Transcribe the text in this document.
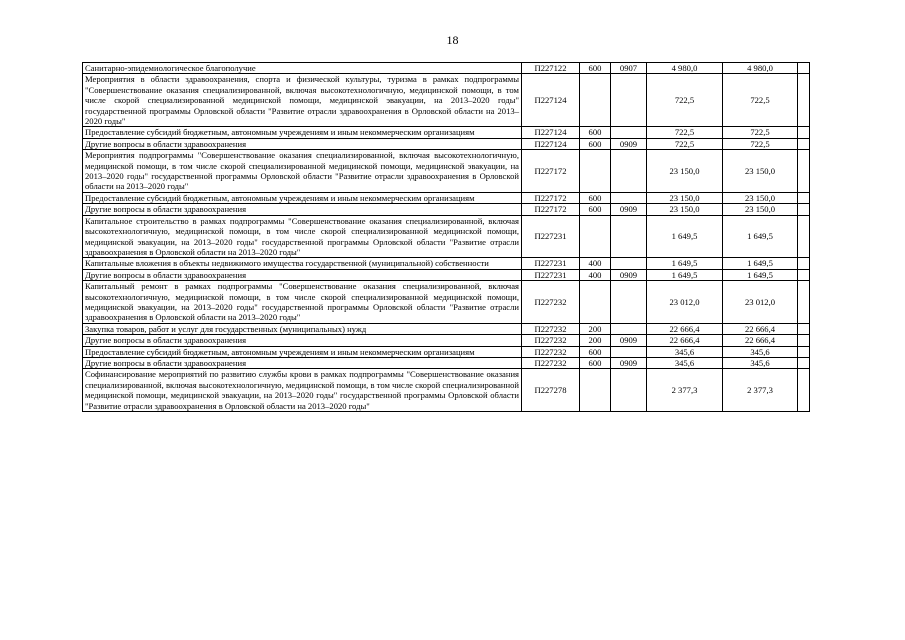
18
Санитарно-эпидемиологическое благополучие	П227122	600	0907	4 980,0	4 980,0	
Мероприятия в области здравоохранения, спорта и физической культуры, туризма в рамках подпрограммы "Совершенствование оказания специализированной, включая высокотехнологичную, медицинской помощи, в том числе скорой специализированной медицинской помощи, медицинской эвакуации, на 2013–2020 годы" государственной программы Орловской области "Развитие отрасли здравоохранения в Орловской области на 2013–2020 годы"	П227124			722,5	722,5	
Предоставление субсидий бюджетным, автономным учреждениям и иным некоммерческим организациям	П227124	600		722,5	722,5	
Другие вопросы в области здравоохранения	П227124	600	0909	722,5	722,5	
Мероприятия подпрограммы "Совершенствование оказания специализированной, включая высокотехнологичную, медицинской помощи, в том числе скорой специализированной медицинской помощи, медицинской эвакуации, на 2013–2020 годы" государственной программы Орловской области "Развитие отрасли здравоохранения в Орловской области на 2013–2020 годы"	П227172			23 150,0	23 150,0	
Предоставление субсидий бюджетным, автономным учреждениям и иным некоммерческим организациям	П227172	600		23 150,0	23 150,0	
Другие вопросы в области здравоохранения	П227172	600	0909	23 150,0	23 150,0	
Капитальное строительство в рамках подпрограммы "Совершенствование оказания специализированной, включая высокотехнологичную, медицинской помощи, в том числе скорой специализированной медицинской помощи, медицинской эвакуации, на 2013–2020 годы" государственной программы Орловской области "Развитие отрасли здравоохранения в Орловской области на 2013–2020 годы"	П227231			1 649,5	1 649,5	
Капитальные вложения в объекты недвижимого имущества государственной (муниципальной) собственности	П227231	400		1 649,5	1 649,5	
Другие вопросы в области здравоохранения	П227231	400	0909	1 649,5	1 649,5	
Капитальный ремонт в рамках подпрограммы "Совершенствование оказания специализированной, включая высокотехнологичную, медицинской помощи, в том числе скорой специализированной медицинской помощи, медицинской эвакуации, на 2013–2020 годы" государственной программы Орловской области "Развитие отрасли здравоохранения в Орловской области на 2013–2020 годы"	П227232			23 012,0	23 012,0	
Закупка товаров, работ и услуг для государственных (муниципальных) нужд	П227232	200		22 666,4	22 666,4	
Другие вопросы в области здравоохранения	П227232	200	0909	22 666,4	22 666,4	
Предоставление субсидий бюджетным, автономным учреждениям и иным некоммерческим организациям	П227232	600		345,6	345,6	
Другие вопросы в области здравоохранения	П227232	600	0909	345,6	345,6	
Софинансирование мероприятий по развитию службы крови в рамках подпрограммы "Совершенствование оказания специализированной, включая высокотехнологичную, медицинской помощи, в том числе скорой специализированной медицинской помощи, медицинской эвакуации, на 2013–2020 годы" государственной программы Орловской области "Развитие отрасли здравоохранения в Орловской области на 2013–2020 годы"	П227278			2 377,3	2 377,3	
